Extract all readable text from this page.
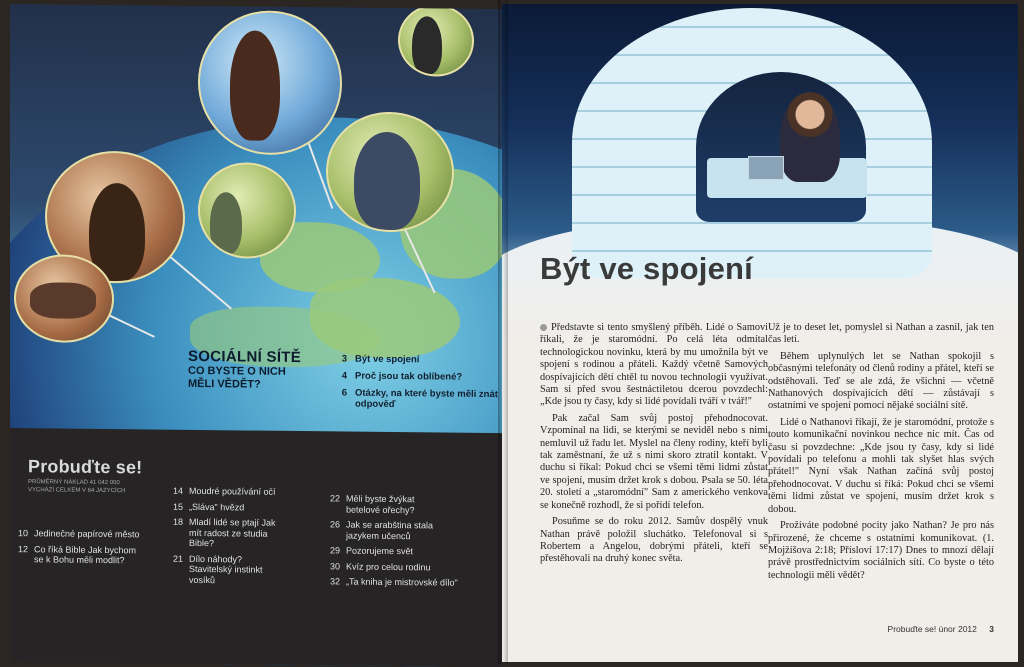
SOCIÁLNÍ SÍTĚ
CO BYSTE O NICH MĚLI VĚDĚT?
3 Být ve spojení
4 Proč jsou tak oblíbené?
6 Otázky, na které byste měli znát odpověď
Probuďte se!
PRŮMĚRNÝ NÁKLAD 41 042 000
VYCHÁZÍ CELKEM V 84 JAZYCÍCH
10 Jedinečné papírové město
12 Co říká Bible Jak bychom se k Bohu měli modlit?
14 Moudré používání očí
15 „Sláva" hvězd
18 Mladí lidé se ptají Jak mít radost ze studia Bible?
21 Dílo náhody? Stavitelský instinkt vosíků
22 Měli byste žvýkat betelové ořechy?
26 Jak se arabština stala jazykem učenců
29 Pozorujeme svět
30 Kvíz pro celou rodinu
32 „Ta kniha je mistrovské dílo"
Být ve spojení

Představte si tento smyšlený příběh. Lidé o Samovi říkali, že je staromódní. Po celá léta odmítal technologickou novinku, která by mu umožnila být ve spojení s rodinou a přáteli. Každý včetně Samových dospívajících dětí chtěl tu novou technologii využívat. Sam si před svou šestnáctiletou dcerou povzdechl: „Kde jsou ty časy, kdy si lidé povídali tváří v tvář!"

Pak začal Sam svůj postoj přehodnocovat. Vzpomínal na lidi, se kterými se neviděl nebo s nimi nemluvil už řadu let. Myslel na členy rodiny, kteří byli tak zaměstnaní, že už s nimi skoro ztratil kontakt. V duchu si říkal: Pokud chci se všemi těmi lidmi zůstat ve spojení, musím držet krok s dobou. Psala se 50. léta 20. století a „staromódní" Sam z amerického venkova se konečně rozhodl, že si pořídí telefon.

Posuňme se do roku 2012. Samův dospělý vnuk Nathan právě položil sluchátko. Telefonoval si s Robertem a Angelou, dobrými přáteli, kteří se přestěhovali na druhý konec světa.

Už je to deset let, pomyslel si Nathan a zasnil, jak ten čas letí.

Během uplynulých let se Nathan spokojil s občasnými telefonáty od členů rodiny a přátel, kteří se odstěhovali. Teď se ale zdá, že všichni — včetně Nathanových dospívajících dětí — zůstávají s ostatními ve spojení pomocí nějaké sociální sítě.

Lidé o Nathanovi říkají, že je staromódní, protože s touto komunikační novinkou nechce nic mít. Čas od času si povzdechne: „Kde jsou ty časy, kdy si lidé povídali po telefonu a mohli tak slyšet hlas svých přátel!" Nyní však Nathan začíná svůj postoj přehodnocovat. V duchu si říká: Pokud chci se všemi těmi lidmi zůstat ve spojení, musím držet krok s dobou.

Prožíváte podobné pocity jako Nathan? Je pro nás přirozené, že chceme s ostatními komunikovat. (1. Mojžíšova 2:18; Přísloví 17:17) Dnes to mnozí dělají právě prostřednictvím sociálních sítí. Co byste o této technologii měli vědět?

Probuďte se! únor 2012 3
